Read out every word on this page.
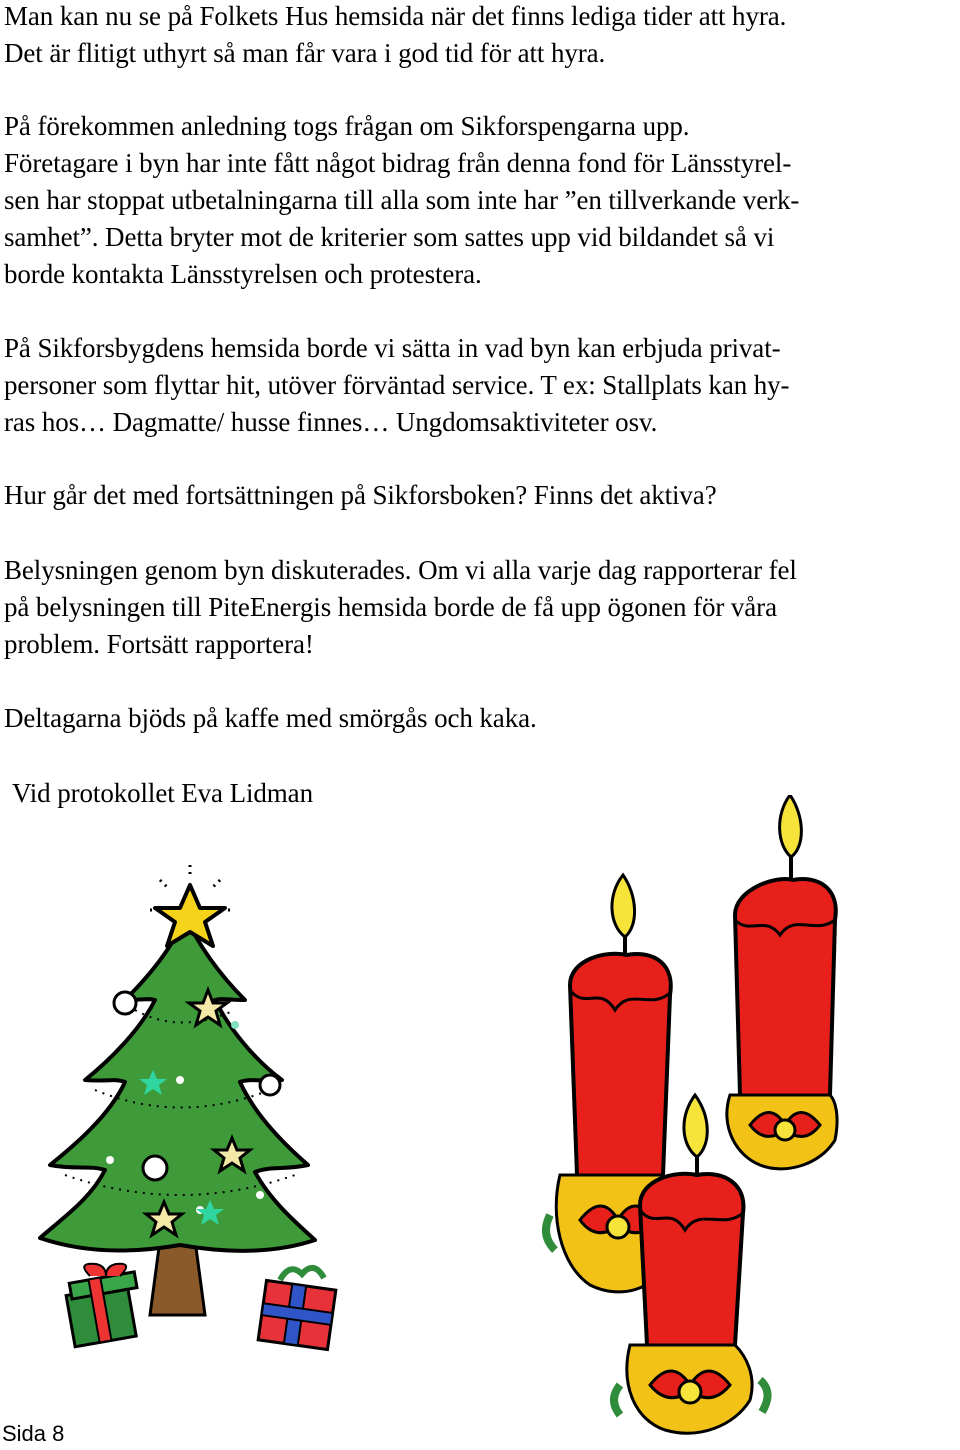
Man kan nu se på Folkets Hus hemsida när det finns lediga tider att hyra.
Det är flitigt uthyrt så man får vara i god tid för att hyra.

På förekommen anledning togs frågan om Sikforspengarna upp.
Företagare i byn har inte fått något bidrag från denna fond för Länsstyrel-
sen har stoppat utbetalningarna till alla som inte har ”en tillverkande verk-
samhet”. Detta bryter mot de kriterier som sattes upp vid bildandet så vi
borde kontakta Länsstyrelsen och protestera.

På Sikforsbygdens hemsida borde vi sätta in vad byn kan erbjuda privat-
personer som flyttar hit, utöver förväntad service. T ex: Stallplats kan hy-
ras hos… Dagmatte/ husse finnes… Ungdomsaktiviteter osv.

Hur går det med fortsättningen på Sikforsboken? Finns det aktiva?

Belysningen genom byn diskuterades. Om vi alla varje dag rapporterar fel
på belysningen till PiteEnergis hemsida borde de få upp ögonen för våra
problem. Fortsätt rapportera!

Deltagarna bjöds på kaffe med smörgås och kaka.

Vid protokollet Eva Lidman

Sida 8
